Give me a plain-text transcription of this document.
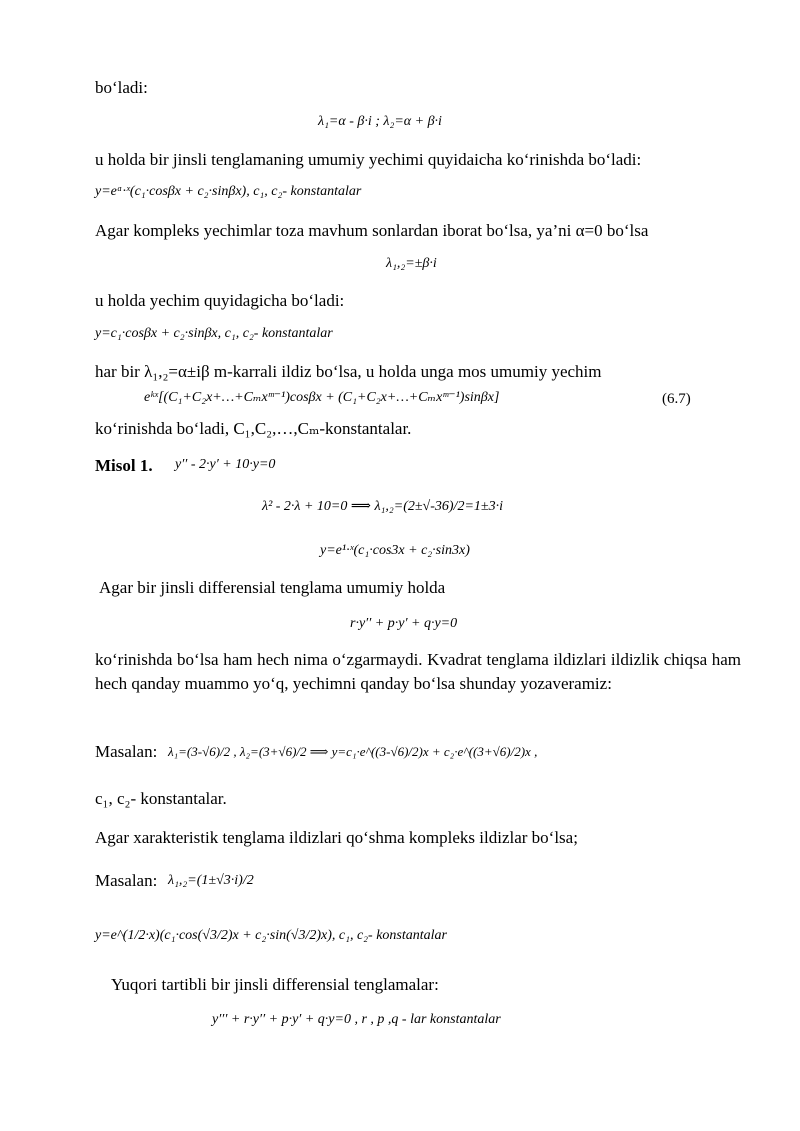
bo‘ladi:
λ₁=α - β·i ; λ₂=α + β·i
u holda bir jinsli tenglamaning umumiy yechimi quyidaicha ko‘rinishda bo‘ladi:
y=eᵅ·ˣ(c₁·cosβx + c₂·sinβx), c₁, c₂- konstantalar
Agar kompleks yechimlar toza mavhum sonlardan iborat bo‘lsa, ya’ni α=0 bo‘lsa
λ₁,₂=±β·i
u holda yechim quyidagicha bo‘ladi:
y=c₁·cosβx + c₂·sinβx, c₁, c₂- konstantalar
har bir λ₁,₂=α±iβ m-karrali ildiz bo‘lsa, u holda unga mos umumiy yechim
eᵏˣ[(C₁+C₂x+…+Cₘxᵐ⁻¹)cosβx + (C₁+C₂x+…+Cₘxᵐ⁻¹)sinβx]	(6.7)
ko‘rinishda bo‘ladi, C₁,C₂,…,Cₘ-konstantalar.
Misol 1. y′′ - 2·y′ + 10·y=0
λ² - 2·λ + 10=0 ⟹ λ₁,₂=(2±√-36)/2=1±3·i
y=e¹·ˣ(c₁·cos3x + c₂·sin3x)
Agar bir jinsli differensial tenglama umumiy holda
r·y′′ + p·y′ + q·y=0
ko‘rinishda bo‘lsa ham hech nima o‘zgarmaydi. Kvadrat tenglama ildizlari ildizlik chiqsa ham hech qanday muammo yo‘q, yechimni qanday bo‘lsa shunday yozaveramiz:
Masalan: λ₁=(3-√6)/2 , λ₂=(3+√6)/2 ⟹ y=c₁·e^((3-√6)/2)x + c₂·e^((3+√6)/2)x ,
c₁, c₂- konstantalar.
Agar xarakteristik tenglama ildizlari qo‘shma kompleks ildizlar bo‘lsa;
Masalan: λ₁,₂=(1±√3·i)/2
y=e^(1/2·x)(c₁·cos(√3/2)x + c₂·sin(√3/2)x), c₁, c₂- konstantalar
Yuqori tartibli bir jinsli differensial tenglamalar:
y′′′ + r·y′′ + p·y′ + q·y=0 , r , p ,q - lar konstantalar
